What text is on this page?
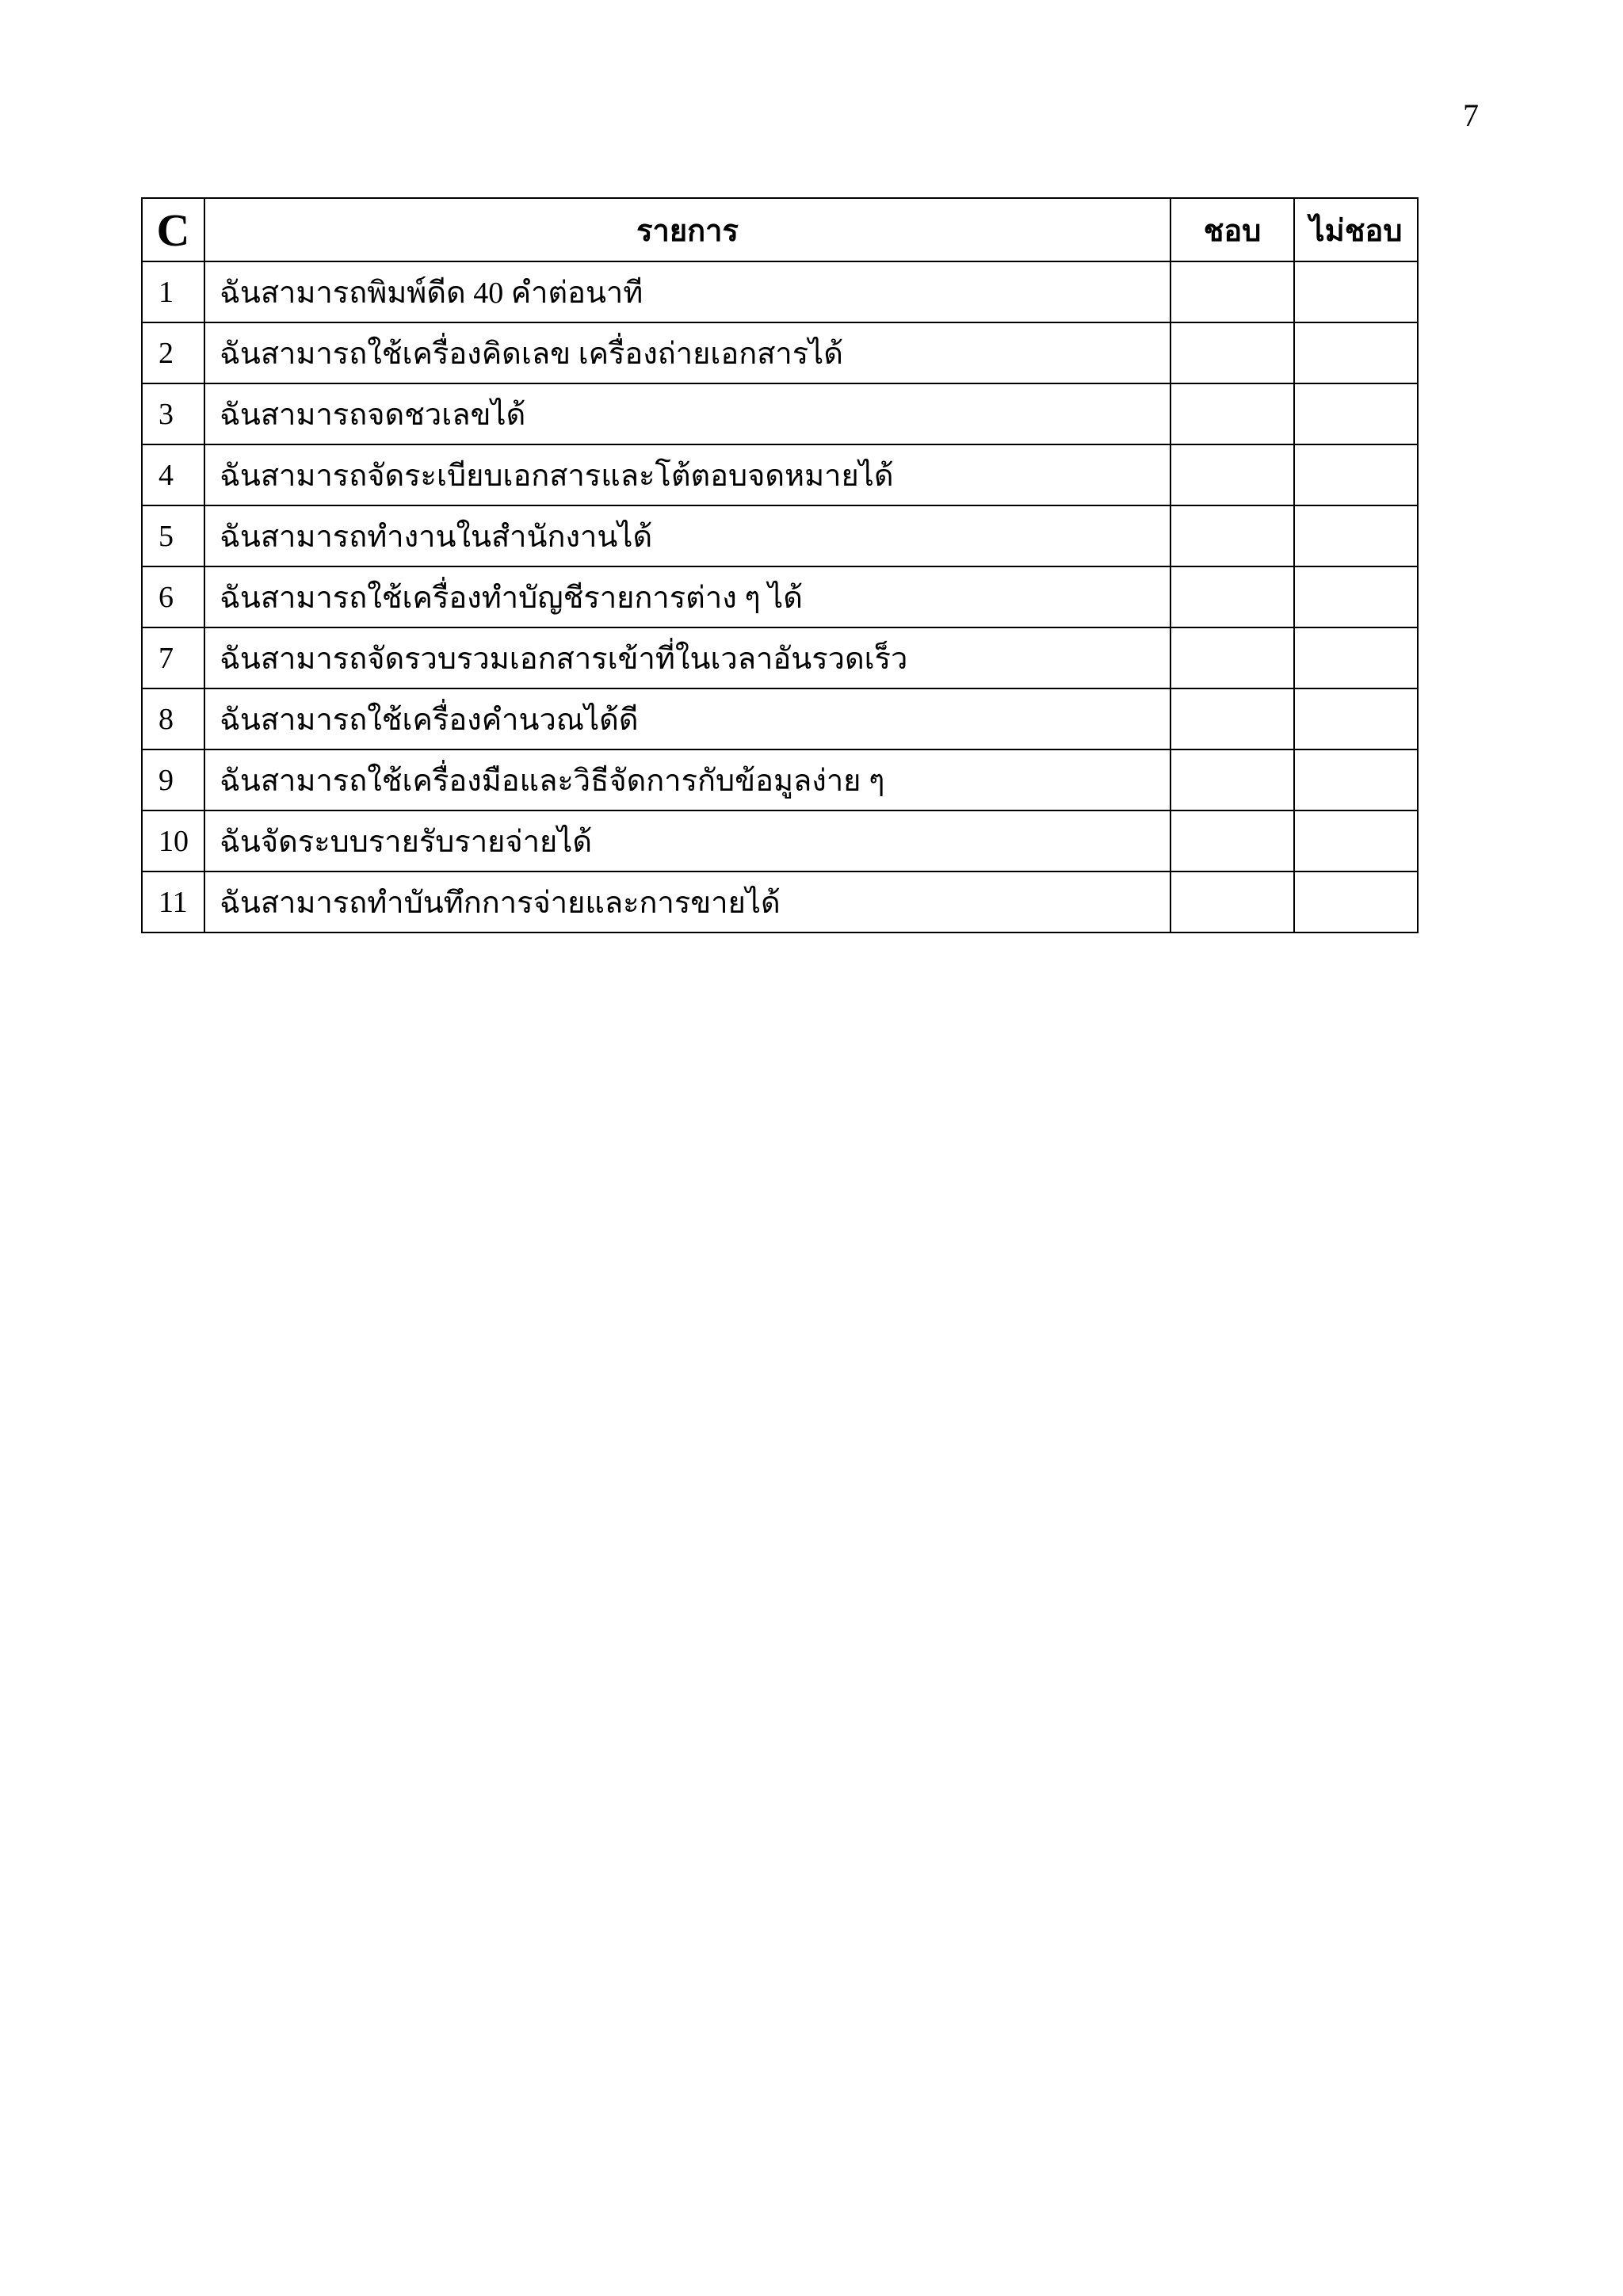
7
C	รายการ	ชอบ	ไม่ชอบ
1	ฉันสามารถพิมพ์ดีด 40 คำต่อนาที		
2	ฉันสามารถใช้เครื่องคิดเลข เครื่องถ่ายเอกสารได้		
3	ฉันสามารถจดชวเลขได้		
4	ฉันสามารถจัดระเบียบเอกสารและโต้ตอบจดหมายได้		
5	ฉันสามารถทำงานในสำนักงานได้		
6	ฉันสามารถใช้เครื่องทำบัญชีรายการต่าง ๆ ได้		
7	ฉันสามารถจัดรวบรวมเอกสารเข้าที่ในเวลาอันรวดเร็ว		
8	ฉันสามารถใช้เครื่องคำนวณได้ดี		
9	ฉันสามารถใช้เครื่องมือและวิธีจัดการกับข้อมูลง่าย ๆ		
10	ฉันจัดระบบรายรับรายจ่ายได้		
11	ฉันสามารถทำบันทึกการจ่ายและการขายได้		
